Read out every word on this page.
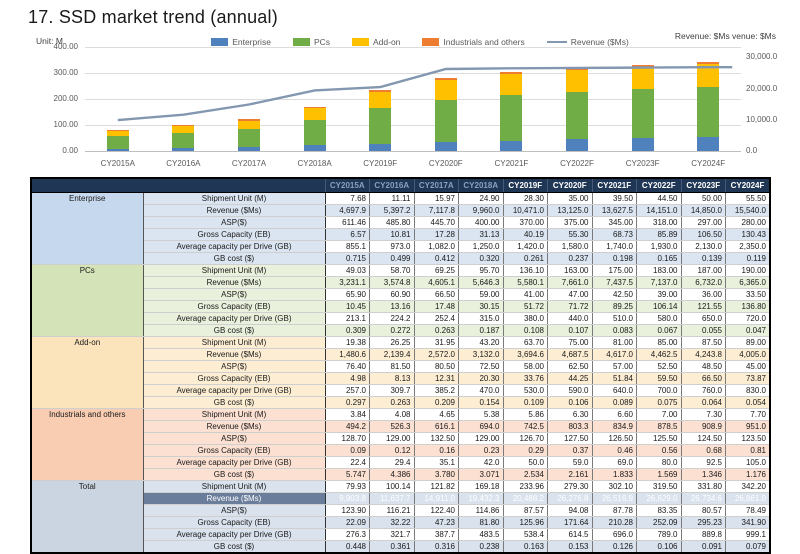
17. SSD market trend (annual)
Unit: M	Revenue: $Ms venue: $Ms
Enterprise	PCs	Add-on	Industrials and others	Revenue ($Ms)
CY2015A	CY2016A	CY2017A	CY2018A	CY2019F	CY2020F	CY2021F	CY2022F	CY2023F	CY2024F
400.00
300.00
200.00
100.00
0.00
30,000.0
20,000.0
10,000.0
0.0
		CY2015A	CY2016A	CY2017A	CY2018A	CY2019F	CY2020F	CY2021F	CY2022F	CY2023F	CY2024F
Enterprise	Shipment Unit (M)	7.68	11.11	15.97	24.90	28.30	35.00	39.50	44.50	50.00	55.50
	Revenue ($Ms)	4,697.9	5,397.2	7,117.8	9,960.0	10,471.0	13,125.0	13,627.5	14,151.0	14,850.0	15,540.0
	ASP($)	611.46	485.80	445.70	400.00	370.00	375.00	345.00	318.00	297.00	280.00
	Gross Capacity (EB)	6.57	10.81	17.28	31.13	40.19	55.30	68.73	85.89	106.50	130.43
	Average capacity per Drive (GB)	855.1	973.0	1,082.0	1,250.0	1,420.0	1,580.0	1,740.0	1,930.0	2,130.0	2,350.0
	GB cost ($)	0.715	0.499	0.412	0.320	0.261	0.237	0.198	0.165	0.139	0.119
PCs	Shipment Unit (M)	49.03	58.70	69.25	95.70	136.10	163.00	175.00	183.00	187.00	190.00
	Revenue ($Ms)	3,231.1	3,574.8	4,605.1	5,646.3	5,580.1	7,661.0	7,437.5	7,137.0	6,732.0	6,365.0
	ASP($)	65.90	60.90	66.50	59.00	41.00	47.00	42.50	39.00	36.00	33.50
	Gross Capacity (EB)	10.45	13.16	17.48	30.15	51.72	71.72	89.25	106.14	121.55	136.80
	Average capacity per Drive (GB)	213.1	224.2	252.4	315.0	380.0	440.0	510.0	580.0	650.0	720.0
	GB cost ($)	0.309	0.272	0.263	0.187	0.108	0.107	0.083	0.067	0.055	0.047
Add-on	Shipment Unit (M)	19.38	26.25	31.95	43.20	63.70	75.00	81.00	85.00	87.50	89.00
	Revenue ($Ms)	1,480.6	2,139.4	2,572.0	3,132.0	3,694.6	4,687.5	4,617.0	4,462.5	4,243.8	4,005.0
	ASP($)	76.40	81.50	80.50	72.50	58.00	62.50	57.00	52.50	48.50	45.00
	Gross Capacity (EB)	4.98	8.13	12.31	20.30	33.76	44.25	51.84	59.50	66.50	73.87
	Average capacity per Drive (GB)	257.0	309.7	385.2	470.0	530.0	590.0	640.0	700.0	760.0	830.0
	GB cost ($)	0.297	0.263	0.209	0.154	0.109	0.106	0.089	0.075	0.064	0.054
Industrials and others	Shipment Unit (M)	3.84	4.08	4.65	5.38	5.86	6.30	6.60	7.00	7.30	7.70
	Revenue ($Ms)	494.2	526.3	616.1	694.0	742.5	803.3	834.9	878.5	908.9	951.0
	ASP($)	128.70	129.00	132.50	129.00	126.70	127.50	126.50	125.50	124.50	123.50
	Gross Capacity (EB)	0.09	0.12	0.16	0.23	0.29	0.37	0.46	0.56	0.68	0.81
	Average capacity per Drive (GB)	22.4	29.4	35.1	42.0	50.0	59.0	69.0	80.0	92.5	105.0
	GB cost ($)	5.747	4.386	3.780	3.071	2.534	2.161	1.833	1.569	1.346	1.176
Total	Shipment Unit (M)	79.93	100.14	121.82	169.18	233.96	279.30	302.10	319.50	331.80	342.20
	Revenue ($Ms)	9,903.8	11,637.7	14,911.0	19,432.3	20,488.2	26,276.8	26,516.9	26,629.0	26,734.6	26,861.0
	ASP($)	123.90	116.21	122.40	114.86	87.57	94.08	87.78	83.35	80.57	78.49
	Gross Capacity (EB)	22.09	32.22	47.23	81.80	125.96	171.64	210.28	252.09	295.23	341.90
	Average capacity per Drive (GB)	276.3	321.7	387.7	483.5	538.4	614.5	696.0	789.0	889.8	999.1
	GB cost ($)	0.448	0.361	0.316	0.238	0.163	0.153	0.126	0.106	0.091	0.079
